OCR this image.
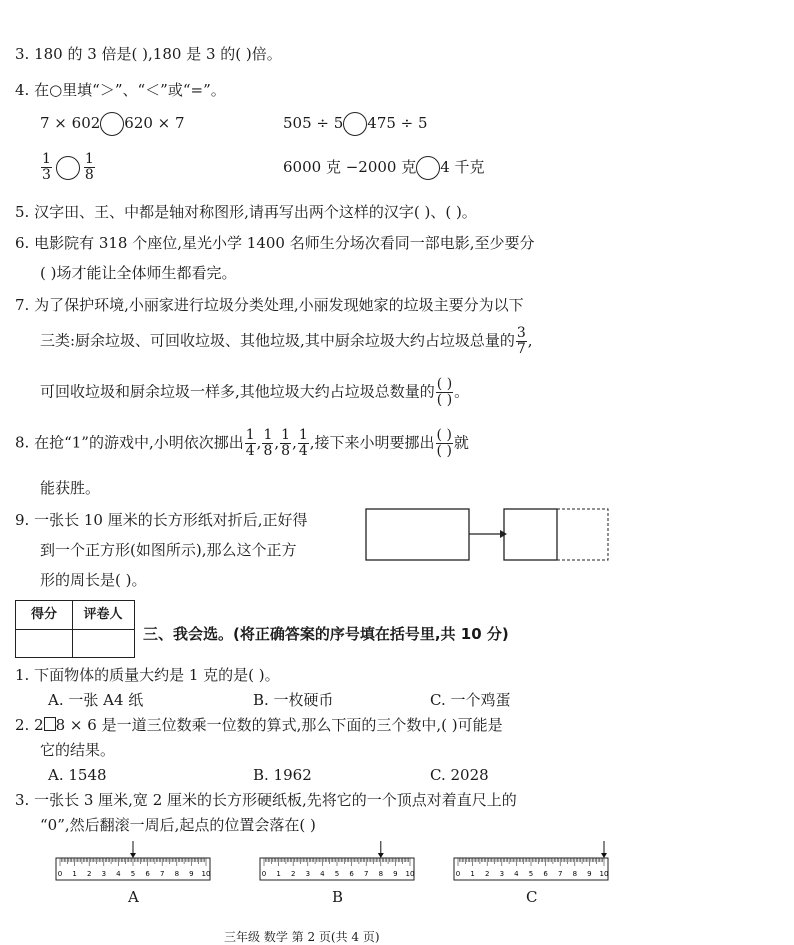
3. 180 的 3 倍是( ),180 是 3 的( )倍。
4. 在○里填“＞”、“＜”或“=”。
7 × 602 620 × 7	505 ÷ 5 475 ÷ 5
$\frac{1}{3} \frac{1}{8}$	6000 克 −2000 克 4 千克
5. 汉字田、王、中都是轴对称图形,请再写出两个这样的汉字( )、( )。
6. 电影院有 318 个座位,星光小学 1400 名师生分场次看同一部电影,至少要分
( )场才能让全体师生都看完。
7. 为了保护环境,小丽家进行垃圾分类处理,小丽发现她家的垃圾主要分为以下
三类:厨余垃圾、可回收垃圾、其他垃圾,其中厨余垃圾大约占垃圾总量的 $\frac{3}{7}$ ,
可回收垃圾和厨余垃圾一样多,其他垃圾大约占垃圾总数量的 $\frac{( )}{( )}$ 。
8. 在抢“1”的游戏中,小明依次挪出 $\frac{1}{4}$ , $\frac{1}{8}$ , $\frac{1}{8}$ , $\frac{1}{4}$ ,接下来小明要挪出 $\frac{( )}{( )}$ 就
能获胜。
9. 一张长 10 厘米的长方形纸对折后,正好得
到一个正方形(如图所示),那么这个正方
形的周长是( )。
得分	评卷人
三、我会选。(将正确答案的序号填在括号里,共 10 分)
1. 下面物体的质量大约是 1 克的是( )。
A. 一张 A4 纸	B. 一枚硬币	C. 一个鸡蛋
2. 2 8 × 6 是一道三位数乘一位数的算式,那么下面的三个数中,( )可能是
它的结果。
A. 1548	B. 1962	C. 2028
3. 一张长 3 厘米,宽 2 厘米的长方形硬纸板,先将它的一个顶点对着直尺上的
“0”,然后翻滚一周后,起点的位置会落在( )
0 1 2 3 4 5 6 7 8 9 10
A
0 1 2 3 4 5 6 7 8 9 10
B
0 1 2 3 4 5 6 7 8 9 10
C
三年级 数学 第 2 页(共 4 页)
